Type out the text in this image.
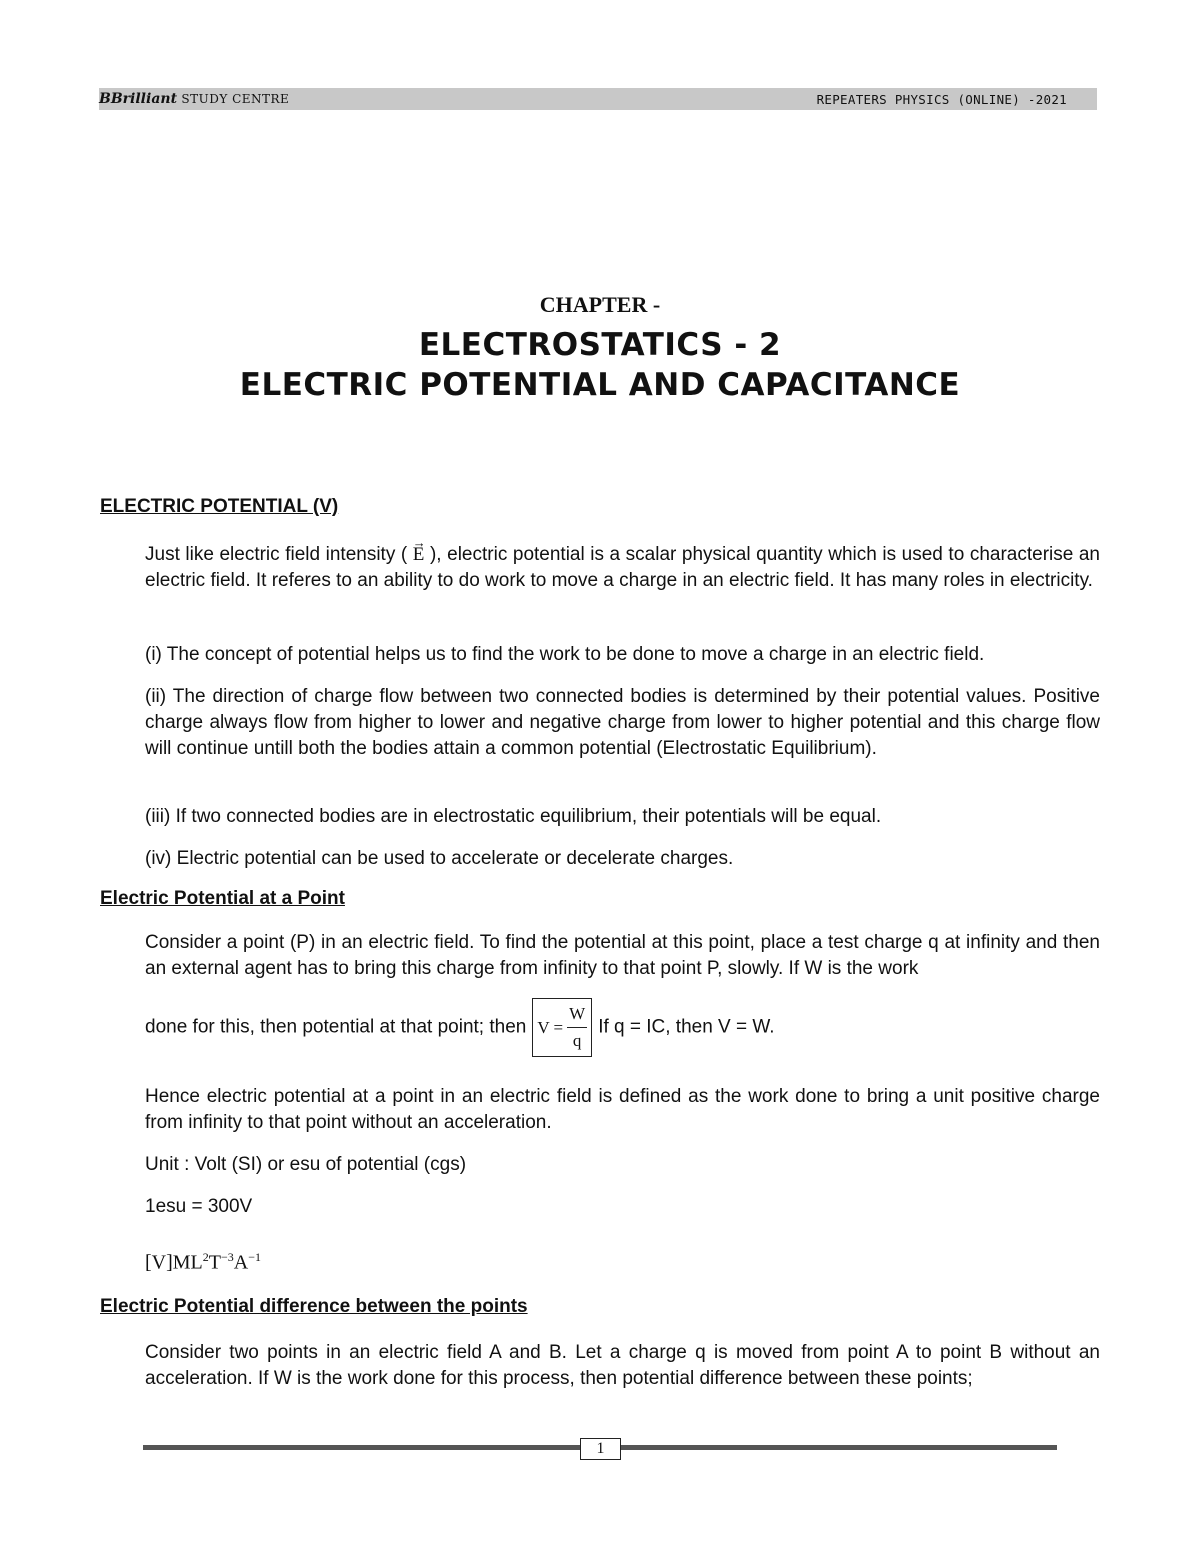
BBrilliant STUDY CENTRE	REPEATERS PHYSICS (ONLINE) -2021
CHAPTER -
ELECTROSTATICS - 2
ELECTRIC POTENTIAL AND CAPACITANCE
ELECTRIC POTENTIAL (V)
Just like electric field intensity ( → E ), electric potential is a scalar physical quantity which is used to characterise an electric field. It referes to an ability to do work to move a charge in an electric field. It has many roles in electricity.
(i) The concept of potential helps us to find the work to be done to move a charge in an electric field.
(ii) The direction of charge flow between two connected bodies is determined by their potential values. Positive charge always flow from higher to lower and negative charge from lower to higher potential and this charge flow will continue untill both the bodies attain a common potential (Electrostatic Equilibrium).
(iii) If two connected bodies are in electrostatic equilibrium, their potentials will be equal.
(iv) Electric potential can be used to accelerate or decelerate charges.
Electric Potential at a Point
Consider a point (P) in an electric field. To find the potential at this point, place a test charge q at infinity and then an external agent has to bring this charge from infinity to that point P, slowly. If W is the work
done for this, then potential at that point; then $V = \frac{W}{q}$ If q = IC, then V = W.
Hence electric potential at a point in an electric field is defined as the work done to bring a unit positive charge from infinity to that point without an acceleration.
Unit : Volt (SI) or esu of potential (cgs)
1esu = 300V
$[V]ML^2T^{-3}A^{-1}$
Electric Potential difference between the points
Consider two points in an electric field A and B. Let a charge q is moved from point A to point B without an acceleration. If W is the work done for this process, then potential difference between these points;
1
